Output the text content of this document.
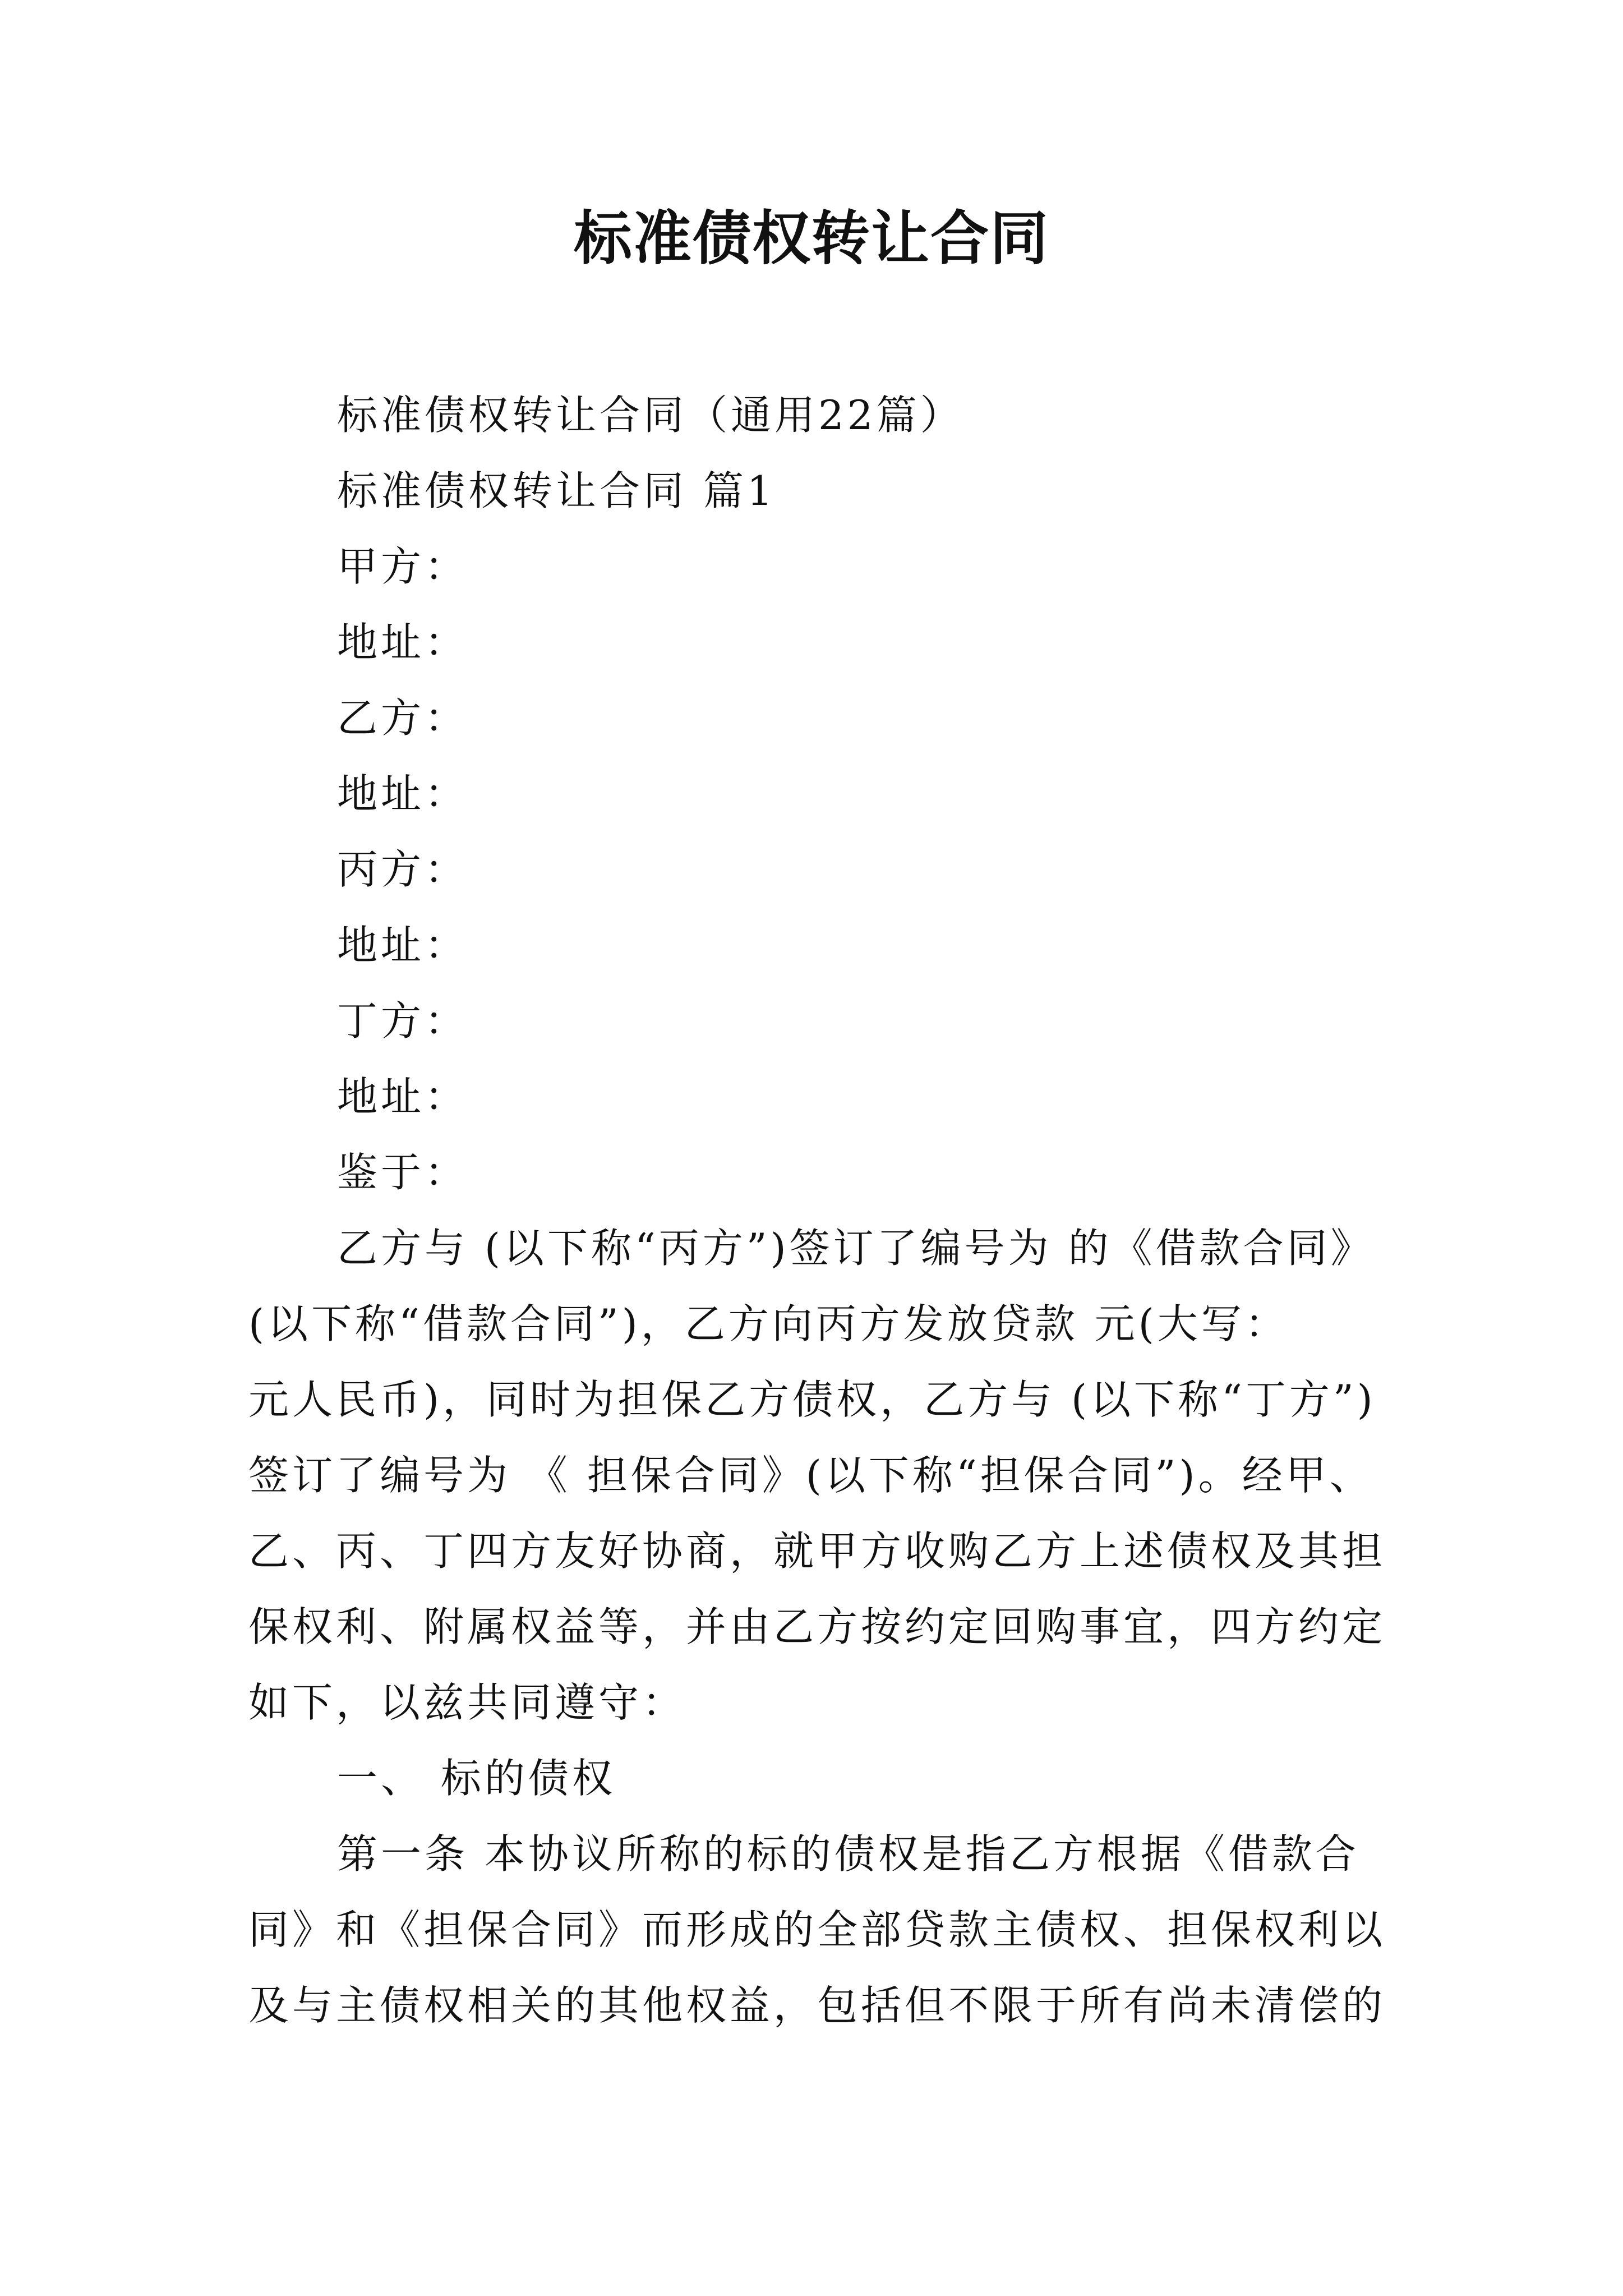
标准债权转让合同
标准债权转让合同（通用22篇）
标准债权转让合同 篇1
甲方：
地址：
乙方：
地址：
丙方：
地址：
丁方：
地址：
鉴于：
乙方与 (以下称“丙方”)签订了编号为 的《借款合同》
(以下称“借款合同”)，乙方向丙方发放贷款 元(大写：
元人民币)，同时为担保乙方债权，乙方与 (以下称“丁方”)
签订了编号为 《 担保合同》(以下称“担保合同”)。经甲、
乙、丙、丁四方友好协商，就甲方收购乙方上述债权及其担
保权利、附属权益等，并由乙方按约定回购事宜，四方约定
如下，以兹共同遵守：
一、 标的债权
第一条 本协议所称的标的债权是指乙方根据《借款合
同》和《担保合同》而形成的全部贷款主债权、担保权利以
及与主债权相关的其他权益，包括但不限于所有尚未清偿的
